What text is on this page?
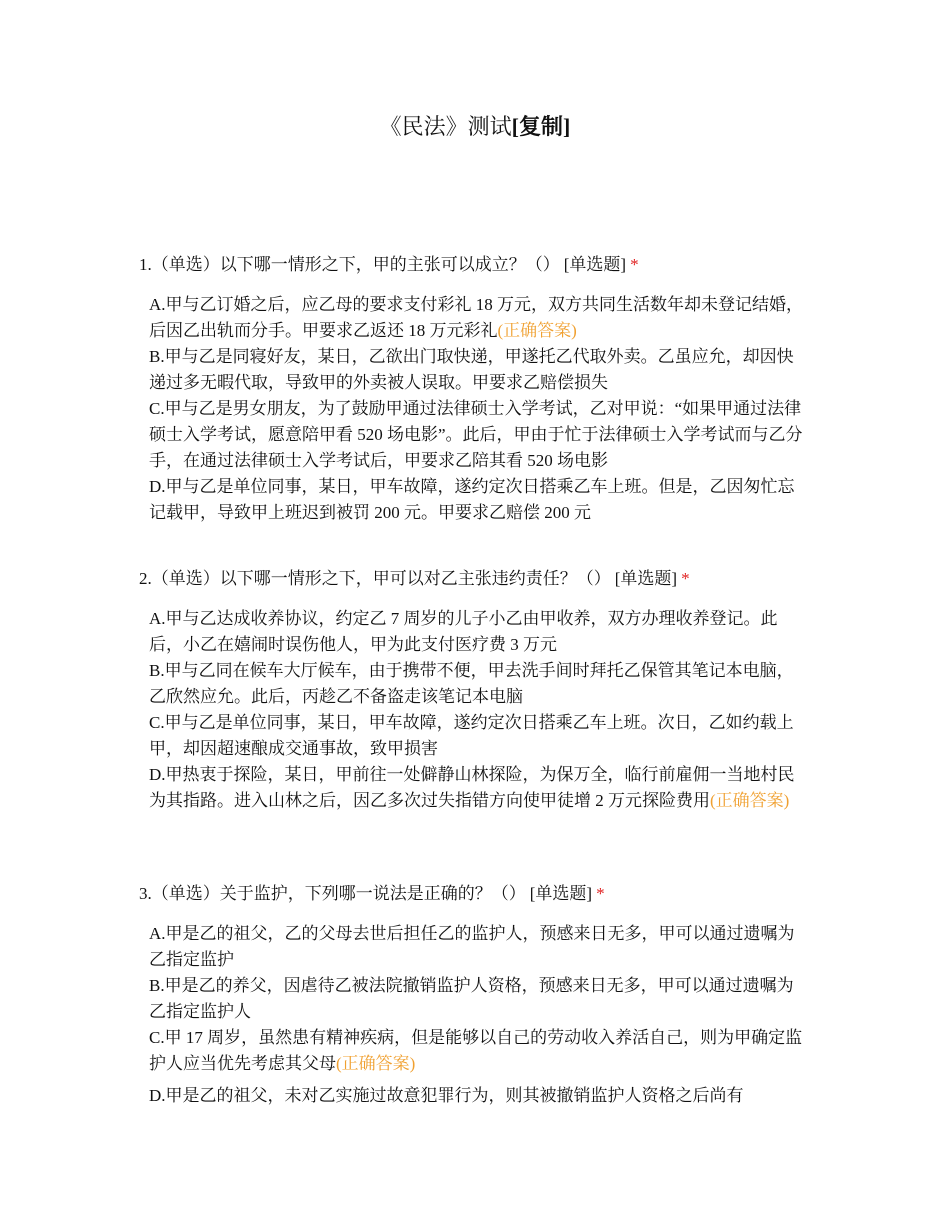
《民法》测试[复制]
1.（单选）以下哪一情形之下，甲的主张可以成立？（） [单选题] *

A.甲与乙订婚之后，应乙母的要求支付彩礼 18 万元，双方共同生活数年却未登记结婚，后因乙出轨而分手。甲要求乙返还 18 万元彩礼(正确答案)

B.甲与乙是同寝好友，某日，乙欲出门取快递，甲遂托乙代取外卖。乙虽应允，却因快递过多无暇代取，导致甲的外卖被人误取。甲要求乙赔偿损失

C.甲与乙是男女朋友，为了鼓励甲通过法律硕士入学考试，乙对甲说：“如果甲通过法律硕士入学考试，愿意陪甲看 520 场电影”。此后，甲由于忙于法律硕士入学考试而与乙分手，在通过法律硕士入学考试后，甲要求乙陪其看 520 场电影

D.甲与乙是单位同事，某日，甲车故障，遂约定次日搭乘乙车上班。但是，乙因匆忙忘记载甲，导致甲上班迟到被罚 200 元。甲要求乙赔偿 200 元

2.（单选）以下哪一情形之下，甲可以对乙主张违约责任？（） [单选题] *

A.甲与乙达成收养协议，约定乙 7 周岁的儿子小乙由甲收养，双方办理收养登记。此后，小乙在嬉闹时误伤他人，甲为此支付医疗费 3 万元

B.甲与乙同在候车大厅候车，由于携带不便，甲去洗手间时拜托乙保管其笔记本电脑，乙欣然应允。此后，丙趁乙不备盗走该笔记本电脑

C.甲与乙是单位同事，某日，甲车故障，遂约定次日搭乘乙车上班。次日，乙如约载上甲，却因超速酿成交通事故，致甲损害

D.甲热衷于探险，某日，甲前往一处僻静山林探险，为保万全，临行前雇佣一当地村民为其指路。进入山林之后，因乙多次过失指错方向使甲徒增 2 万元探险费用(正确答案)

3.（单选）关于监护，下列哪一说法是正确的？（） [单选题] *

A.甲是乙的祖父，乙的父母去世后担任乙的监护人，预感来日无多，甲可以通过遗嘱为乙指定监护

B.甲是乙的养父，因虐待乙被法院撤销监护人资格，预感来日无多，甲可以通过遗嘱为乙指定监护人

C.甲 17 周岁，虽然患有精神疾病，但是能够以自己的劳动收入养活自己，则为甲确定监护人应当优先考虑其父母(正确答案)

D.甲是乙的祖父，未对乙实施过故意犯罪行为，则其被撤销监护人资格之后尚有
